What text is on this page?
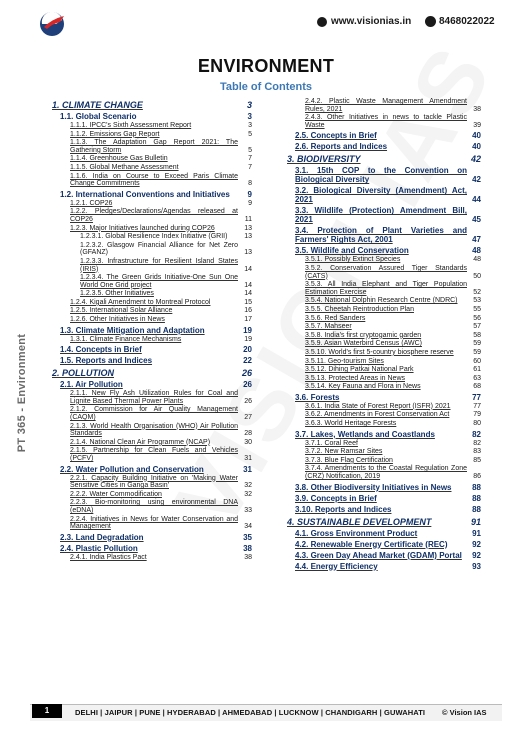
www.visionias.in	8468022022
ENVIRONMENT
Table of Contents
PT 365 - Environment
1. CLIMATE CHANGE	3
1.1. Global Scenario	3
1.1.1. IPCC's Sixth Assessment Report	3
1.1.2. Emissions Gap Report	5
1.1.3. The Adaptation Gap Report 2021: The Gathering Storm	5
1.1.4. Greenhouse Gas Bulletin	7
1.1.5. Global Methane Assessment	7
1.1.6. India on Course to Exceed Paris Climate Change Commitments	8
1.2. International Conventions and Initiatives	9
1.2.1. COP26	9
1.2.2. Pledges/Declarations/Agendas released at COP26	11
1.2.3. Major Initiatives launched during COP26	13
1.2.3.1. Global Resilience Index Initiative (GRII)	13
1.2.3.2. Glasgow Financial Alliance for Net Zero (GFANZ)	13
1.2.3.3. Infrastructure for Resilient Island States (IRIS)	14
1.2.3.4. The Green Grids Initiative-One Sun One World One Grid project	14
1.2.3.5. Other Initiatives	14
1.2.4. Kigali Amendment to Montreal Protocol	15
1.2.5. International Solar Alliance	16
1.2.6. Other Initiatives in News	17
1.3. Climate Mitigation and Adaptation	19
1.3.1. Climate Finance Mechanisms	19
1.4. Concepts in Brief	20
1.5. Reports and Indices	22
2. POLLUTION	26
2.1. Air Pollution	26
2.1.1. New Fly Ash Utilization Rules for Coal and Lignite Based Thermal Power Plants	26
2.1.2. Commission for Air Quality Management (CAQM)	27
2.1.3. World Health Organisation (WHO) Air Pollution Standards	28
2.1.4. National Clean Air Programme (NCAP)	30
2.1.5. Partnership for Clean Fuels and Vehicles (PCFV)	31
2.2. Water Pollution and Conservation	31
2.2.1. Capacity Building Initiative on 'Making Water Sensitive Cities in Ganga Basin'	32
2.2.2. Water Commodification	32
2.2.3. Bio-monitoring using environmental DNA (eDNA)	33
2.2.4. Initiatives in News for Water Conservation and Management	34
2.3. Land Degradation	35
2.4. Plastic Pollution	38
2.4.1. India Plastics Pact	38
2.4.2. Plastic Waste Management Amendment Rules, 2021	38
2.4.3. Other Initiatives in news to tackle Plastic Waste	39
2.5. Concepts in Brief	40
2.6. Reports and Indices	40
3. BIODIVERSITY	42
3.1. 15th COP to the Convention on Biological Diversity	42
3.2. Biological Diversity (Amendment) Act, 2021	44
3.3. Wildlife (Protection) Amendment Bill, 2021	45
3.4. Protection of Plant Varieties and Farmers' Rights Act, 2001	47
3.5. Wildlife and Conservation	48
3.5.1. Possibly Extinct Species	48
3.5.2. Conservation Assured Tiger Standards (CATS)	50
3.5.3. All India Elephant and Tiger Population Estimation Exercise	52
3.5.4. National Dolphin Research Centre (NDRC)	53
3.5.5. Cheetah Reintroduction Plan	55
3.5.6. Red Sanders	56
3.5.7. Mahseer	57
3.5.8. India's first cryptogamic garden	58
3.5.9. Asian Waterbird Census (AWC)	59
3.5.10. World's first 5-country biosphere reserve	59
3.5.11. Geo-tourism Sites	60
3.5.12. Dihing Patkai National Park	61
3.5.13. Protected Areas in News	63
3.5.14. Key Fauna and Flora in News	68
3.6. Forests	77
3.6.1. India State of Forest Report (ISFR) 2021	77
3.6.2. Amendments in Forest Conservation Act	79
3.6.3. World Heritage Forests	80
3.7. Lakes, Wetlands and Coastlands	82
3.7.1. Coral Reef	82
3.7.2. New Ramsar Sites	83
3.7.3. Blue Flag Certification	85
3.7.4. Amendments to the Coastal Regulation Zone (CRZ) Notification, 2019	86
3.8. Other Biodiversity Initiatives in News	88
3.9. Concepts in Brief	88
3.10. Reports and Indices	88
4. SUSTAINABLE DEVELOPMENT	91
4.1. Gross Environment Product	91
4.2. Renewable Energy Certificate (REC)	92
4.3. Green Day Ahead Market (GDAM) Portal	92
4.4. Energy Efficiency	93
1	DELHI | JAIPUR | PUNE | HYDERABAD | AHMEDABAD | LUCKNOW | CHANDIGARH | GUWAHATI © Vision IAS
